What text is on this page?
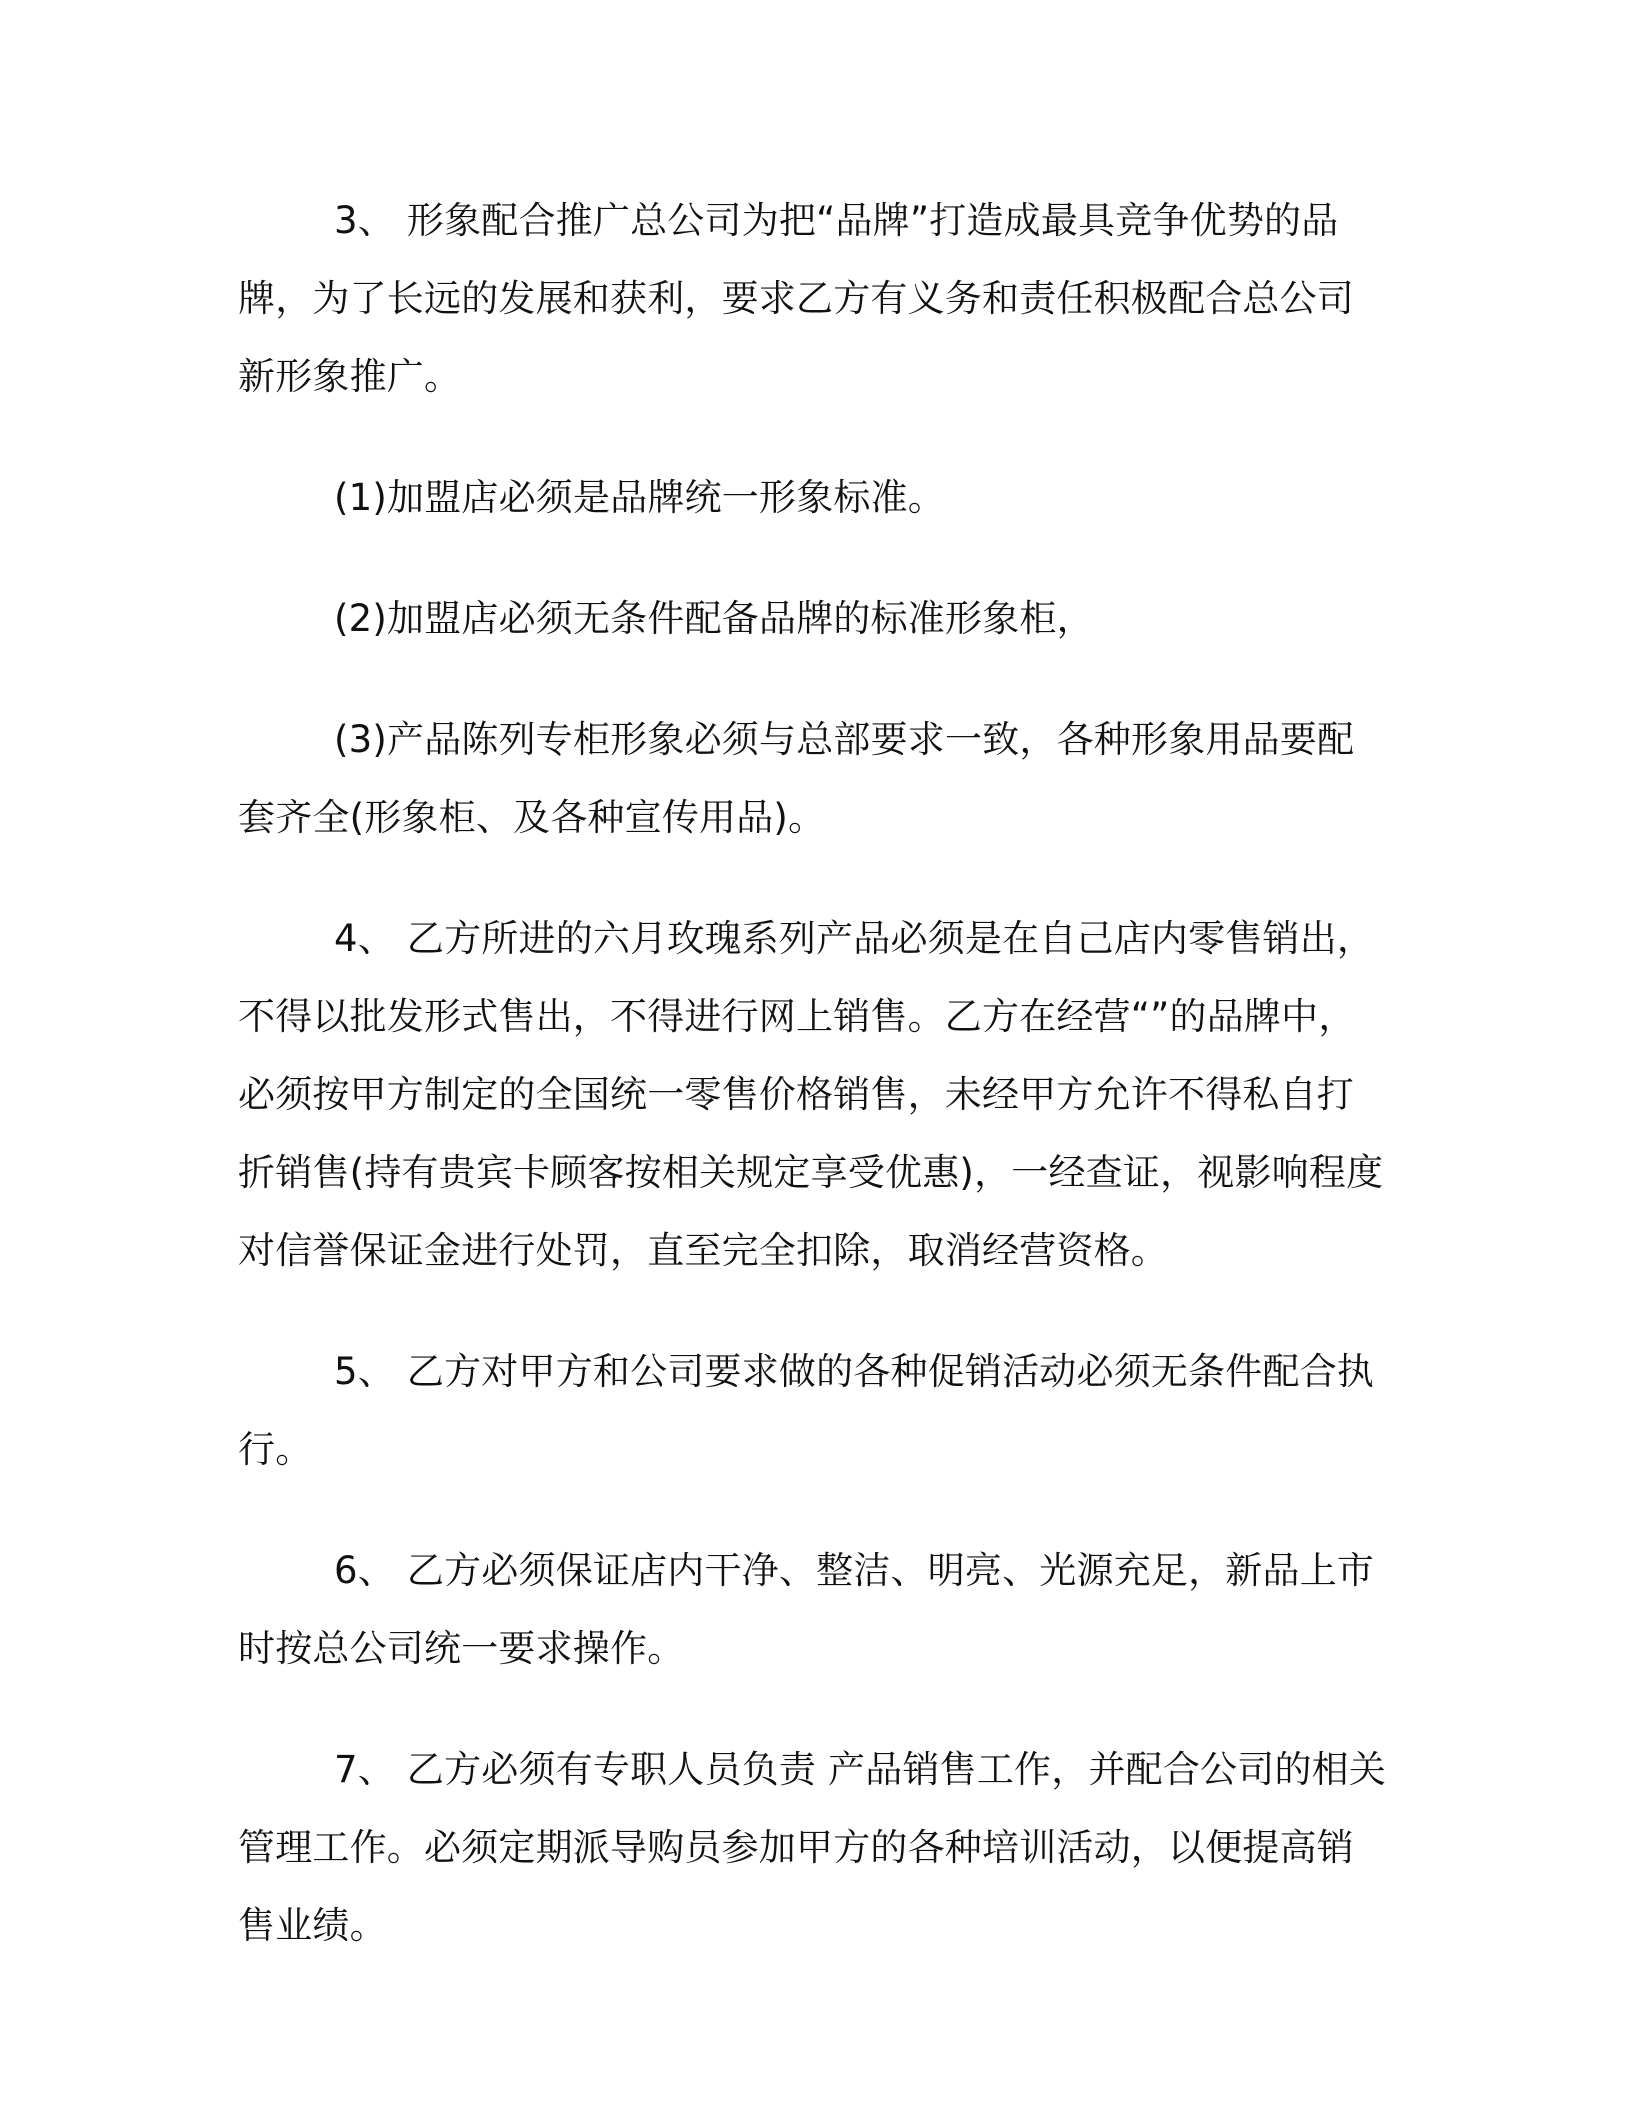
3、 形象配合推广总公司为把“品牌”打造成最具竞争优势的品牌，为了长远的发展和获利，要求乙方有义务和责任积极配合总公司新形象推广。

(1)加盟店必须是品牌统一形象标准。

(2)加盟店必须无条件配备品牌的标准形象柜，

(3)产品陈列专柜形象必须与总部要求一致，各种形象用品要配套齐全(形象柜、及各种宣传用品)。

4、 乙方所进的六月玫瑰系列产品必须是在自己店内零售销出，不得以批发形式售出，不得进行网上销售。乙方在经营“”的品牌中，必须按甲方制定的全国统一零售价格销售，未经甲方允许不得私自打折销售(持有贵宾卡顾客按相关规定享受优惠)，一经查证，视影响程度对信誉保证金进行处罚，直至完全扣除，取消经营资格。

5、 乙方对甲方和公司要求做的各种促销活动必须无条件配合执行。

6、 乙方必须保证店内干净、整洁、明亮、光源充足，新品上市时按总公司统一要求操作。

7、 乙方必须有专职人员负责 产品销售工作，并配合公司的相关管理工作。必须定期派导购员参加甲方的各种培训活动，以便提高销售业绩。
